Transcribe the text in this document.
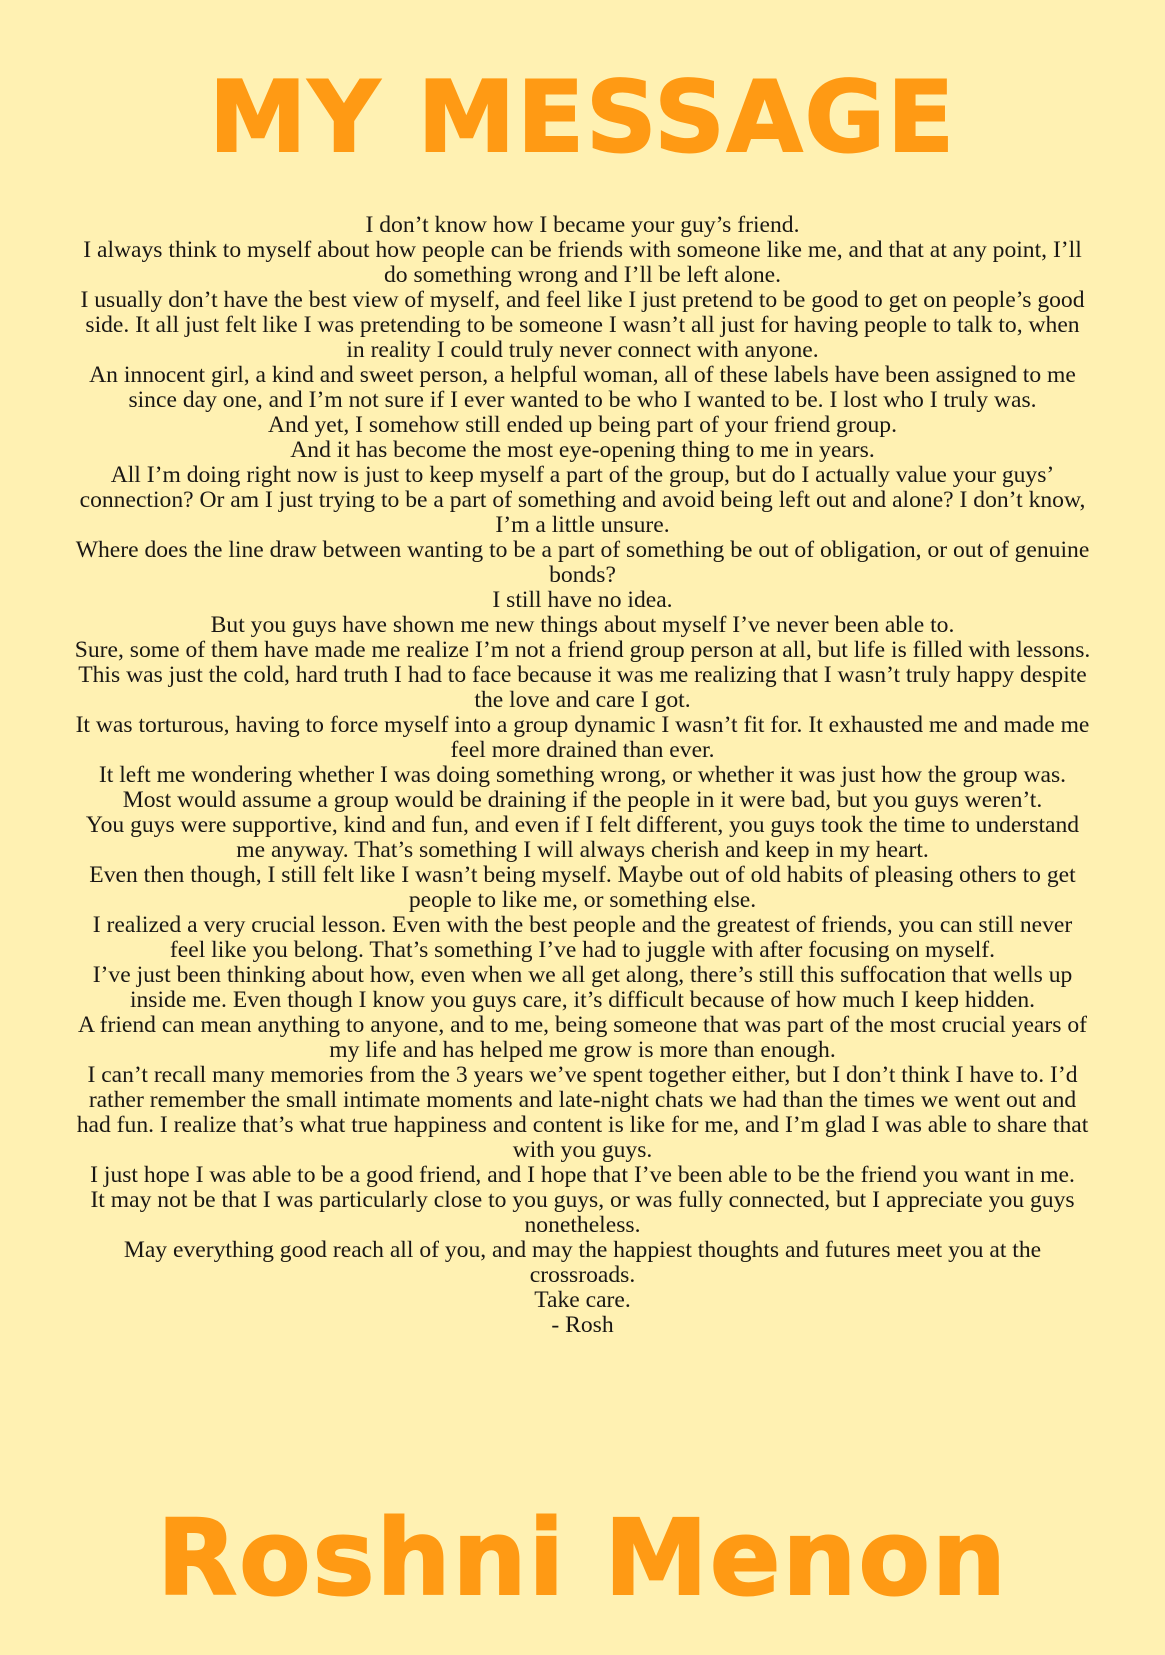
MY MESSAGE

I don’t know how I became your guy’s friend.

I always think to myself about how people can be friends with someone like me, and that at any point, I’ll do something wrong and I’ll be left alone.

I usually don’t have the best view of myself, and feel like I just pretend to be good to get on people’s good side. It all just felt like I was pretending to be someone I wasn’t all just for having people to talk to, when in reality I could truly never connect with anyone.

An innocent girl, a kind and sweet person, a helpful woman, all of these labels have been assigned to me since day one, and I’m not sure if I ever wanted to be who I wanted to be. I lost who I truly was.

And yet, I somehow still ended up being part of your friend group.

And it has become the most eye-opening thing to me in years.

All I’m doing right now is just to keep myself a part of the group, but do I actually value your guys’ connection? Or am I just trying to be a part of something and avoid being left out and alone? I don’t know, I’m a little unsure.

Where does the line draw between wanting to be a part of something be out of obligation, or out of genuine bonds?

I still have no idea.

But you guys have shown me new things about myself I’ve never been able to.

Sure, some of them have made me realize I’m not a friend group person at all, but life is filled with lessons. This was just the cold, hard truth I had to face because it was me realizing that I wasn’t truly happy despite the love and care I got.

It was torturous, having to force myself into a group dynamic I wasn’t fit for. It exhausted me and made me feel more drained than ever.

It left me wondering whether I was doing something wrong, or whether it was just how the group was. Most would assume a group would be draining if the people in it were bad, but you guys weren’t.

You guys were supportive, kind and fun, and even if I felt different, you guys took the time to understand me anyway. That’s something I will always cherish and keep in my heart.

Even then though, I still felt like I wasn’t being myself. Maybe out of old habits of pleasing others to get people to like me, or something else.

I realized a very crucial lesson. Even with the best people and the greatest of friends, you can still never feel like you belong. That’s something I’ve had to juggle with after focusing on myself.

I’ve just been thinking about how, even when we all get along, there’s still this suffocation that wells up inside me. Even though I know you guys care, it’s difficult because of how much I keep hidden.

A friend can mean anything to anyone, and to me, being someone that was part of the most crucial years of my life and has helped me grow is more than enough.

I can’t recall many memories from the 3 years we’ve spent together either, but I don’t think I have to. I’d rather remember the small intimate moments and late-night chats we had than the times we went out and had fun. I realize that’s what true happiness and content is like for me, and I’m glad I was able to share that with you guys.

I just hope I was able to be a good friend, and I hope that I’ve been able to be the friend you want in me.

It may not be that I was particularly close to you guys, or was fully connected, but I appreciate you guys nonetheless.

May everything good reach all of you, and may the happiest thoughts and futures meet you at the crossroads.

Take care.

- Rosh

Roshni Menon
